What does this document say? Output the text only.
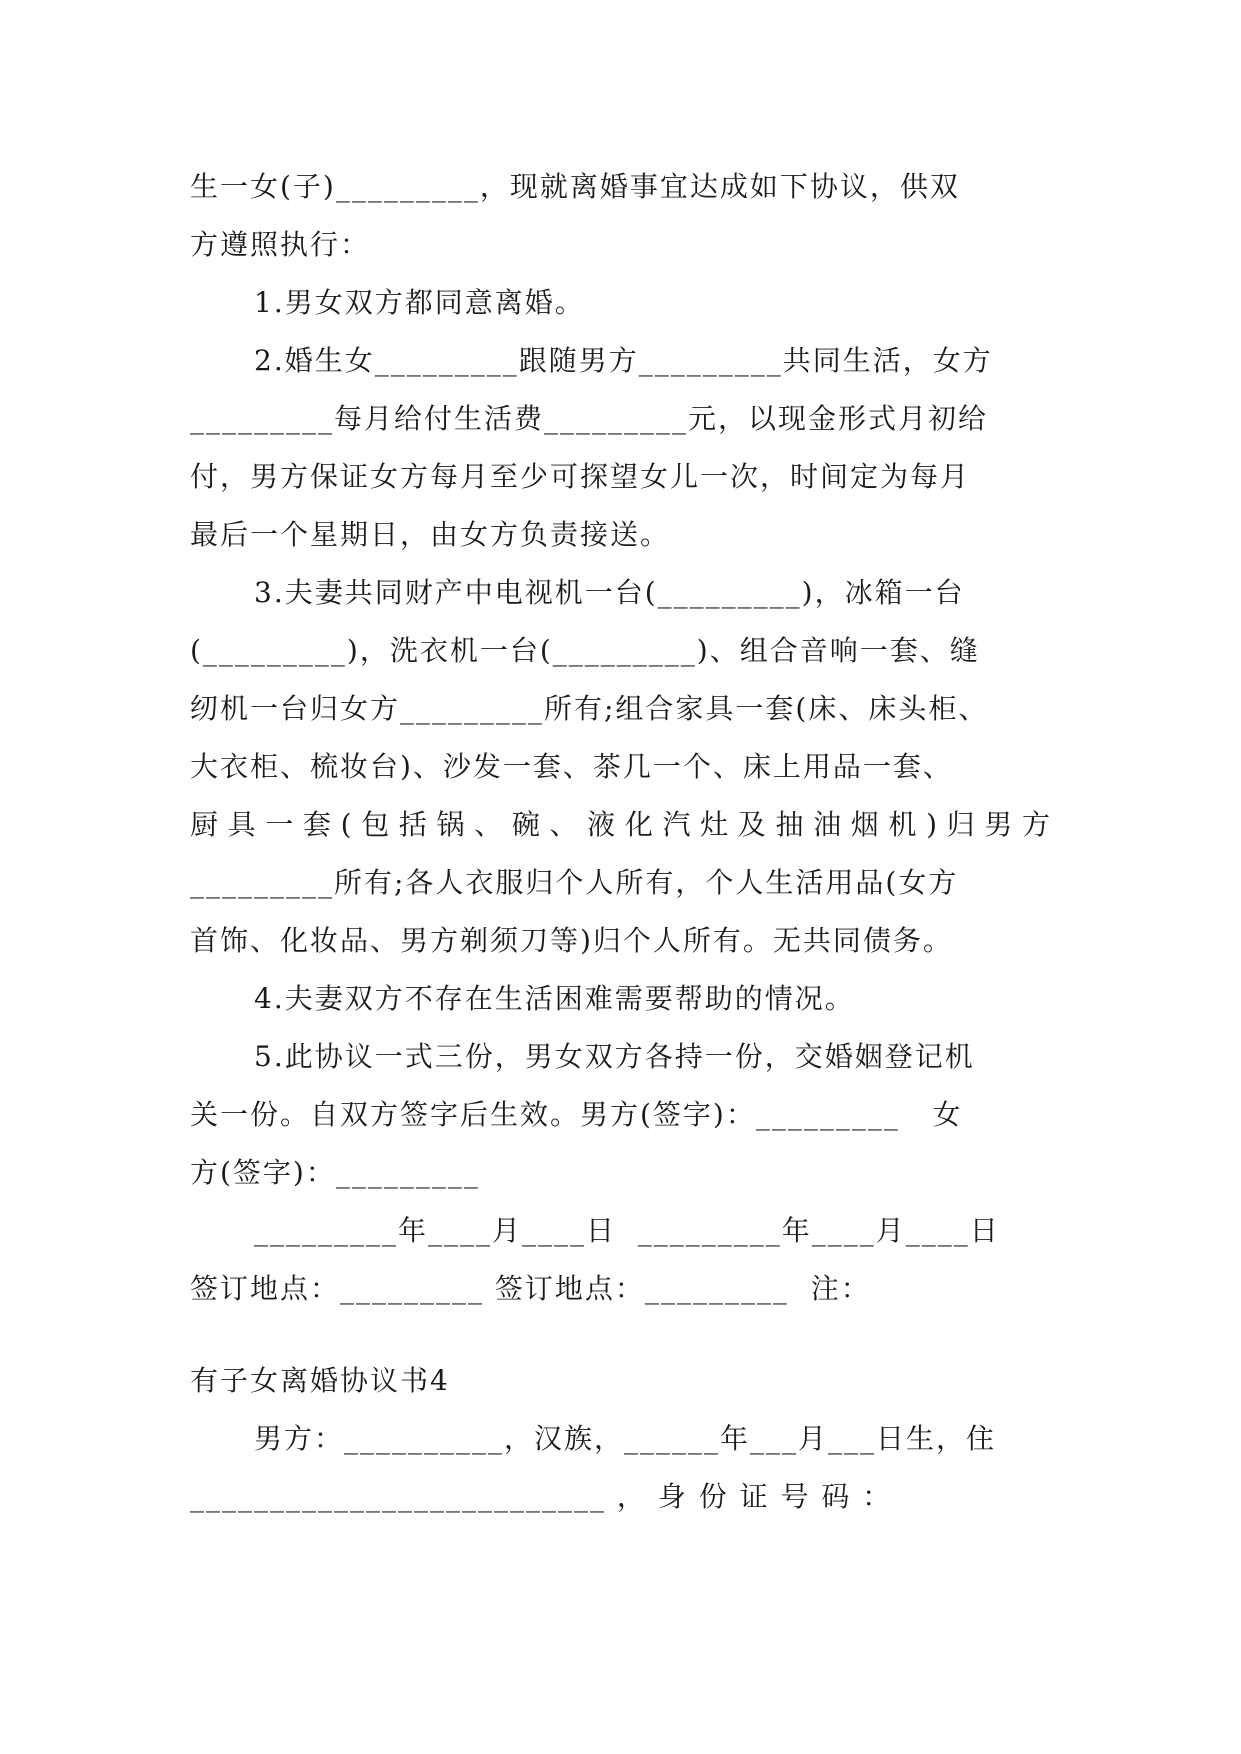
生一女(子)_________，现就离婚事宜达成如下协议，供双
方遵照执行：
1.男女双方都同意离婚。
2.婚生女_________跟随男方_________共同生活，女方
_________每月给付生活费_________元，以现金形式月初给
付，男方保证女方每月至少可探望女儿一次，时间定为每月
最后一个星期日，由女方负责接送。
3.夫妻共同财产中电视机一台(_________)，冰箱一台
(_________)，洗衣机一台(_________)、组合音响一套、缝
纫机一台归女方_________所有;组合家具一套(床、床头柜、
大衣柜、梳妆台)、沙发一套、茶几一个、床上用品一套、
厨具一套(包括锅、碗、液化汽灶及抽油烟机)归男方
_________所有;各人衣服归个人所有，个人生活用品(女方
首饰、化妆品、男方剃须刀等)归个人所有。无共同债务。
4.夫妻双方不存在生活困难需要帮助的情况。
5.此协议一式三份，男女双方各持一份，交婚姻登记机
关一份。自双方签字后生效。男方(签字)：_________   女
方(签字)：_________
_________年____月____日  _________年____月____日
签订地点：_________ 签订地点：_________  注：
有子女离婚协议书4
男方：__________，汉族，______年___月___日生，住
__________________________ ， 身 份 证 号 码 ：
